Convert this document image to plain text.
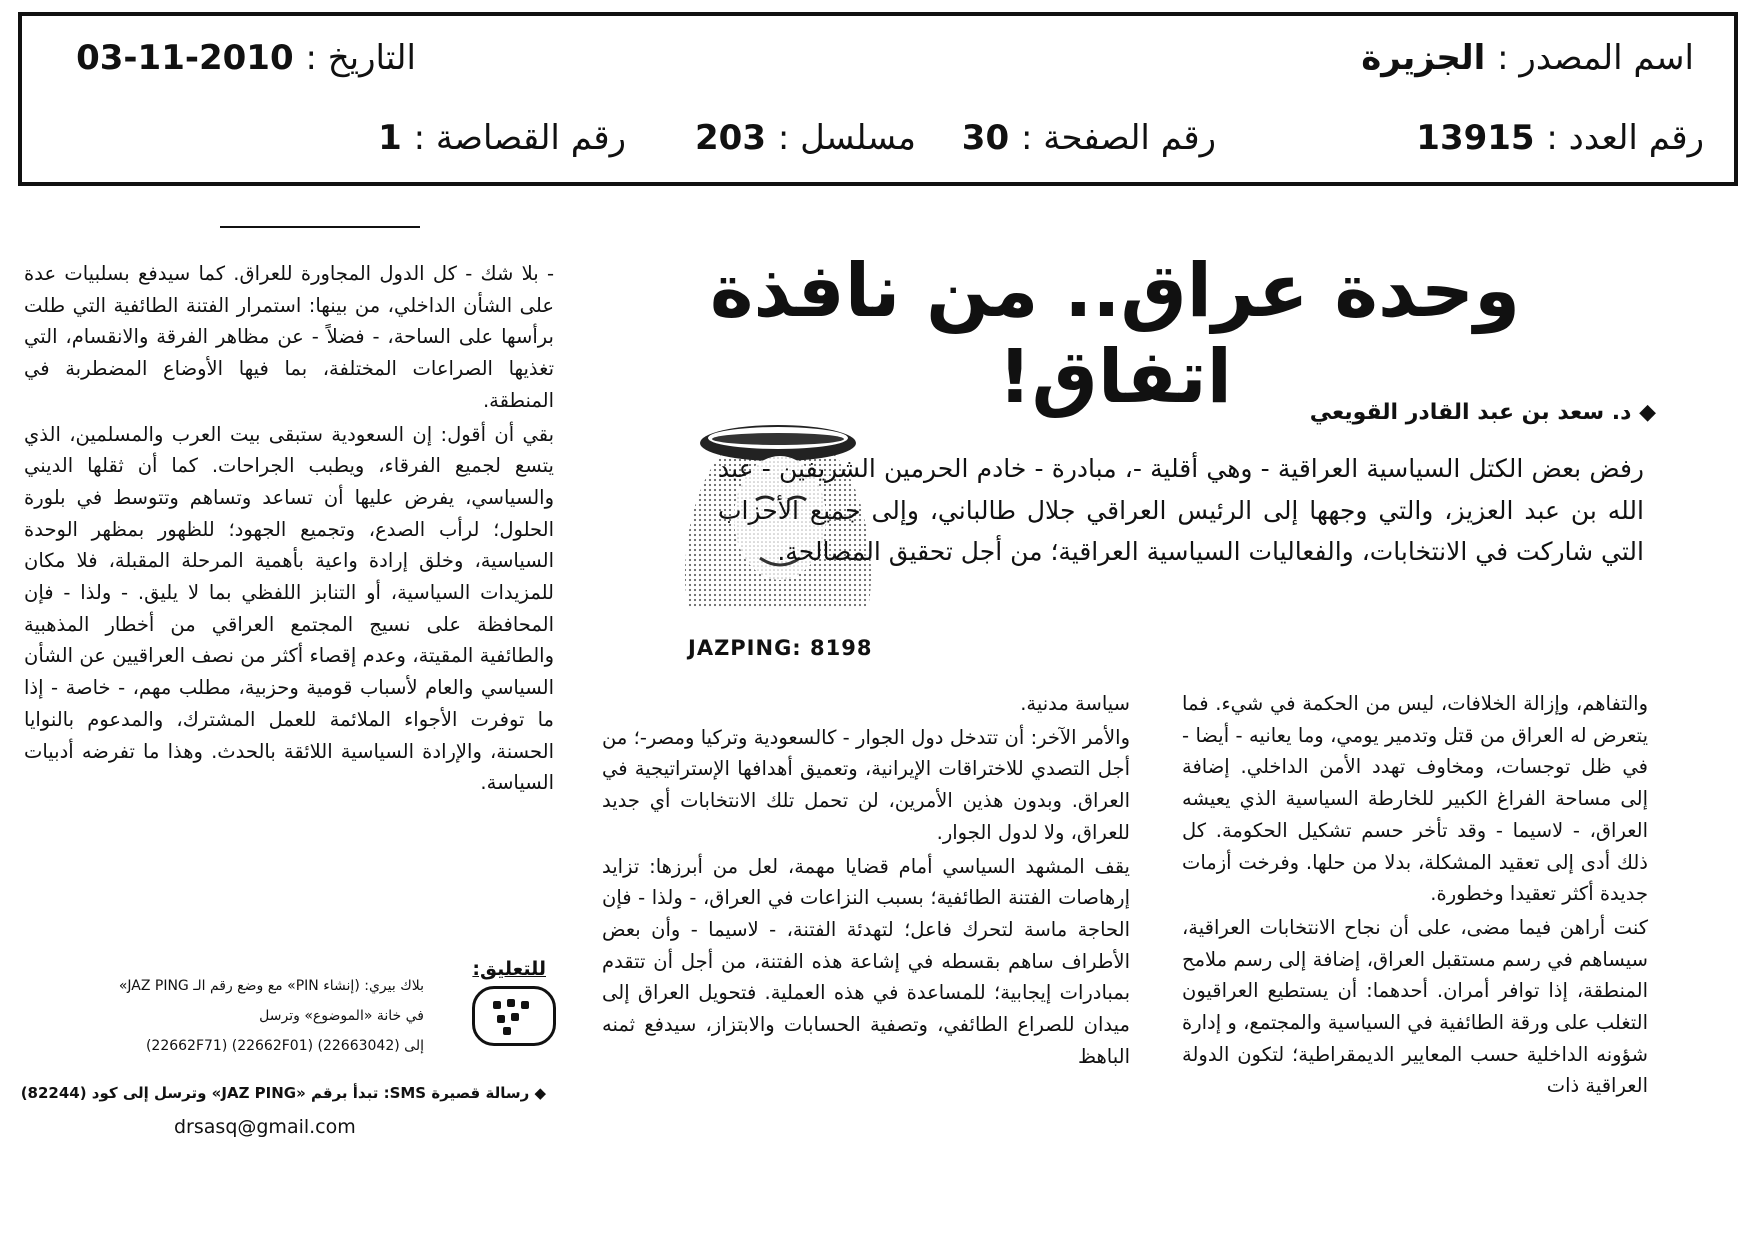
اسم المصدر : الجزيرة
التاريخ : 2010-11-03
رقم العدد : 13915
رقم الصفحة : 30
مسلسل : 203
رقم القصاصة : 1
وحدة عراق.. من نافذة اتفاق!	◆ د. سعد بن عبد القادر القويعي
JAZPING: 8198
رفض بعض الكتل السياسية العراقية - وهي أقلية -، مبادرة - خادم الحرمين الشريفين - عبد الله بن عبد العزيز، والتي وجهها إلى الرئيس العراقي جلال طالباني، وإلى جميع الأحزاب التي شاركت في الانتخابات، والفعاليات السياسية العراقية؛ من أجل تحقيق المصالحة.

والتفاهم، وإزالة الخلافات، ليس من الحكمة في شيء. فما يتعرض له العراق من قتل وتدمير يومي، وما يعانيه - أيضا - في ظل توجسات، ومخاوف تهدد الأمن الداخلي. إضافة إلى مساحة الفراغ الكبير للخارطة السياسية الذي يعيشه العراق، - لاسيما - وقد تأخر حسم تشكيل الحكومة. كل ذلك أدى إلى تعقيد المشكلة، بدلا من حلها. وفرخت أزمات جديدة أكثر تعقيدا وخطورة.

كنت أراهن فيما مضى، على أن نجاح الانتخابات العراقية، سيساهم في رسم مستقبل العراق، إضافة إلى رسم ملامح المنطقة، إذا توافر أمران. أحدهما: أن يستطيع العراقيون التغلب على ورقة الطائفية في السياسية والمجتمع، و إدارة شؤونه الداخلية حسب المعايير الديمقراطية؛ لتكون الدولة العراقية ذات

سياسة مدنية.

والأمر الآخر: أن تتدخل دول الجوار - كالسعودية وتركيا ومصر-؛ من أجل التصدي للاختراقات الإيرانية، وتعميق أهدافها الإستراتيجية في العراق. وبدون هذين الأمرين، لن تحمل تلك الانتخابات أي جديد للعراق، ولا لدول الجوار.

يقف المشهد السياسي أمام قضايا مهمة، لعل من أبرزها: تزايد إرهاصات الفتنة الطائفية؛ بسبب النزاعات في العراق، - ولذا - فإن الحاجة ماسة لتحرك فاعل؛ لتهدئة الفتنة، - لاسيما - وأن بعض الأطراف ساهم بقسطه في إشاعة هذه الفتنة، من أجل أن تتقدم بمبادرات إيجابية؛ للمساعدة في هذه العملية. فتحويل العراق إلى ميدان للصراع الطائفي، وتصفية الحسابات والابتزاز، سيدفع ثمنه الباهظ

- بلا شك - كل الدول المجاورة للعراق. كما سيدفع بسلبيات عدة على الشأن الداخلي، من بينها: استمرار الفتنة الطائفية التي طلت برأسها على الساحة، - فضلاً - عن مظاهر الفرقة والانقسام، التي تغذيها الصراعات المختلفة، بما فيها الأوضاع المضطربة في المنطقة.

بقي أن أقول: إن السعودية ستبقى بيت العرب والمسلمين، الذي يتسع لجميع الفرقاء، ويطبب الجراحات. كما أن ثقلها الديني والسياسي، يفرض عليها أن تساعد وتساهم وتتوسط في بلورة الحلول؛ لرأب الصدع، وتجميع الجهود؛ للظهور بمظهر الوحدة السياسية، وخلق إرادة واعية بأهمية المرحلة المقبلة، فلا مكان للمزيدات السياسية، أو التنابز اللفظي بما لا يليق. - ولذا - فإن المحافظة على نسيج المجتمع العراقي من أخطار المذهبية والطائفية المقيتة، وعدم إقصاء أكثر من نصف العراقيين عن الشأن السياسي والعام لأسباب قومية وحزبية، مطلب مهم، - خاصة - إذا ما توفرت الأجواء الملائمة للعمل المشترك، والمدعوم بالنوايا الحسنة، والإرادة السياسية اللائقة بالحدث. وهذا ما تفرضه أدبيات السياسة.

للتعليق:
بلاك بيري: (إنشاء PIN» مع وضع رقم الـ JAZ PING»
في خانة «الموضوع» وترسل
إلى (22663042) (22662F01) (22662F71)
◆ رسالة قصيرة SMS: تبدأ برقم «JAZ PING» وترسل إلى كود (82244)
drsasq@gmail.com
